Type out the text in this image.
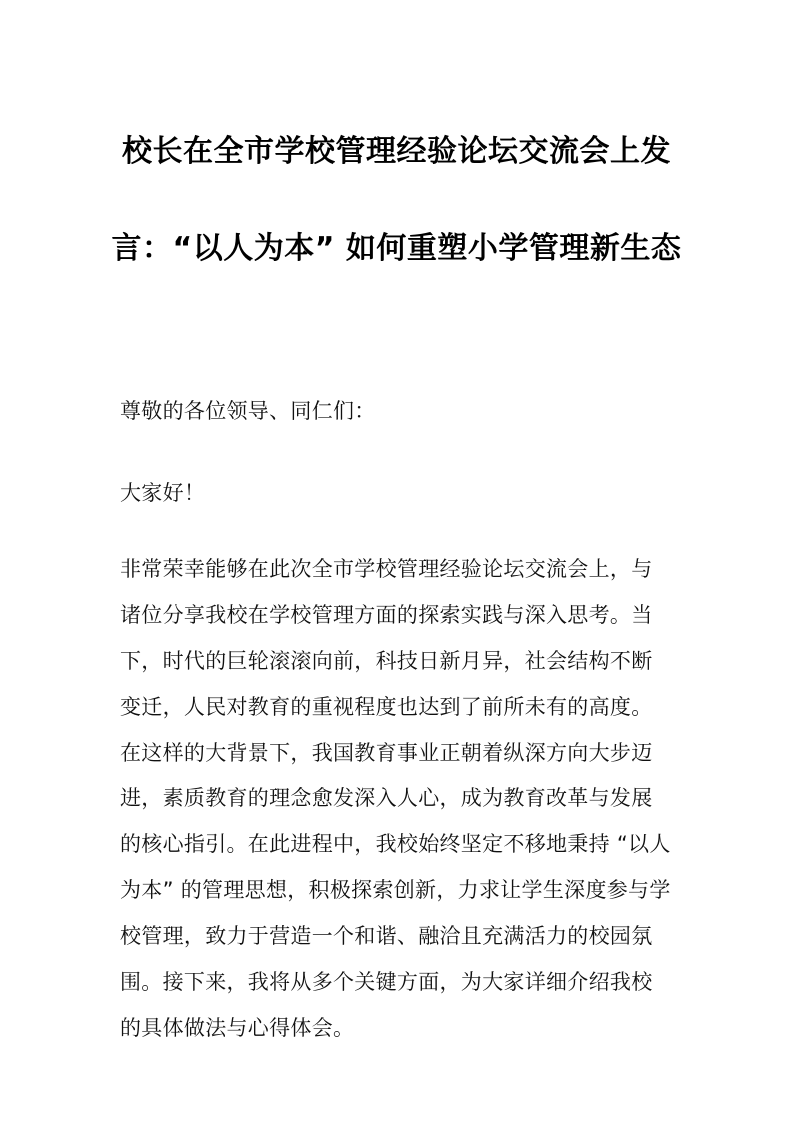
校长在全市学校管理经验论坛交流会上发
言：“以人为本” 如何重塑小学管理新生态
尊敬的各位领导、同仁们：
大家好！
非常荣幸能够在此次全市学校管理经验论坛交流会上，与
诸位分享我校在学校管理方面的探索实践与深入思考。当
下，时代的巨轮滚滚向前，科技日新月异，社会结构不断
变迁，人民对教育的重视程度也达到了前所未有的高度。
在这样的大背景下，我国教育事业正朝着纵深方向大步迈
进，素质教育的理念愈发深入人心，成为教育改革与发展
的核心指引。在此进程中，我校始终坚定不移地秉持 “以人
为本” 的管理思想，积极探索创新，力求让学生深度参与学
校管理，致力于营造一个和谐、融洽且充满活力的校园氛
围。接下来，我将从多个关键方面，为大家详细介绍我校
的具体做法与心得体会。
